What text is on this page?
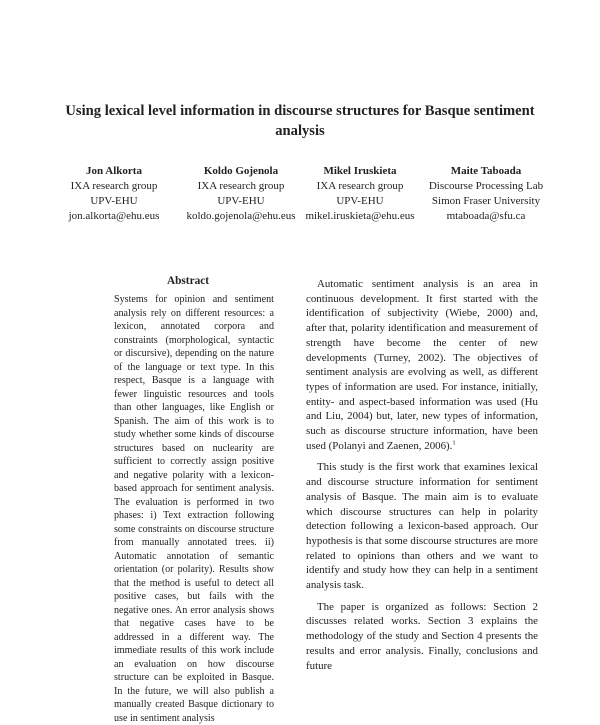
Using lexical level information in discourse structures for Basque sentiment analysis
Jon Alkorta
IXA research group
UPV-EHU
jon.alkorta@ehu.eus
Koldo Gojenola
IXA research group
UPV-EHU
koldo.gojenola@ehu.eus
Mikel Iruskieta
IXA research group
UPV-EHU
mikel.iruskieta@ehu.eus
Maite Taboada
Discourse Processing Lab
Simon Fraser University
mtaboada@sfu.ca
Abstract

Systems for opinion and sentiment analysis rely on different resources: a lexicon, annotated corpora and constraints (morphological, syntactic or discursive), depending on the nature of the language or text type. In this respect, Basque is a language with fewer linguistic resources and tools than other languages, like English or Spanish. The aim of this work is to study whether some kinds of discourse structures based on nuclearity are sufficient to correctly assign positive and negative polarity with a lexicon-based approach for sentiment analysis. The evaluation is performed in two phases: i) Text extraction following some constraints on discourse structure from manually annotated trees. ii) Automatic annotation of semantic orientation (or polarity). Results show that the method is useful to detect all positive cases, but fails with the negative ones. An error analysis shows that negative cases have to be addressed in a different way. The immediate results of this work include an evaluation on how discourse structure can be exploited in Basque. In the future, we will also publish a manually created Basque dictionary to use in sentiment analysis

Automatic sentiment analysis is an area in continuous development. It first started with the identification of subjectivity (Wiebe, 2000) and, after that, polarity identification and measurement of strength have become the center of new developments (Turney, 2002). The objectives of sentiment analysis are evolving as well, as different types of information are used. For instance, initially, entity- and aspect-based information was used (Hu and Liu, 2004) but, later, new types of information, such as discourse structure information, have been used (Polanyi and Zaenen, 2006).$^1$

This study is the first work that examines lexical and discourse structure information for sentiment analysis of Basque. The main aim is to evaluate which discourse structures can help in polarity detection following a lexicon-based approach. Our hypothesis is that some discourse structures are more related to opinions than others and we want to identify and study how they can help in a sentiment analysis task.

The paper is organized as follows: Section 2 discusses related works. Section 3 explains the methodology of the study and Section 4 presents the results and error analysis. Finally, conclusions and future
